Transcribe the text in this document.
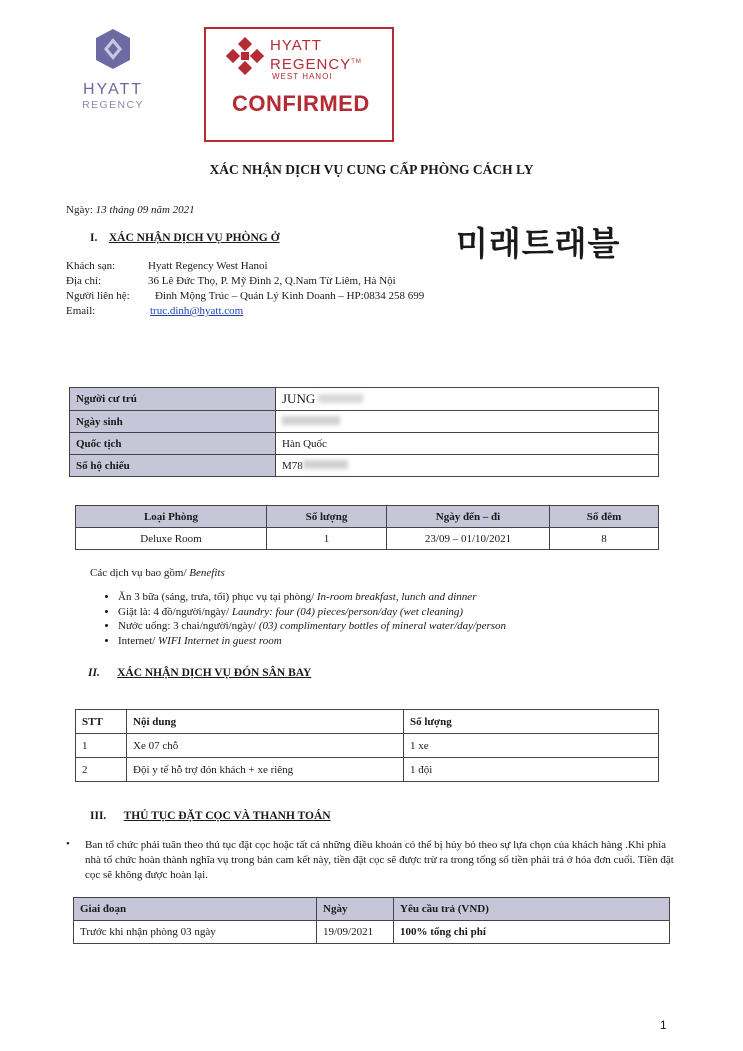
HYATT
REGENCY
HYATT
REGENCY™
WEST HANOI
CONFIRMED
XÁC NHẬN DỊCH VỤ CUNG CẤP PHÒNG CÁCH LY
Ngày: 13 tháng 09 năm 2021
I. XÁC NHẬN DỊCH VỤ PHÒNG Ở	미래트래블
Khách sạn:	Hyatt Regency West Hanoi
Địa chỉ:	36 Lê Đức Thọ, P. Mỹ Đình 2, Q.Nam Từ Liêm, Hà Nội
Người liên hệ: Đinh Mộng Trúc – Quản Lý Kinh Doanh – HP:0834 258 699
Email:	truc.dinh@hyatt.com
Người cư trú	JUNG
Ngày sinh	
Quốc tịch	Hàn Quốc
Số hộ chiếu	M78
Loại Phòng	Số lượng	Ngày đến – đi	Số đêm
Deluxe Room	1	23/09 – 01/10/2021	8
Các dịch vụ bao gồm/ Benefits
• Ăn 3 bữa (sáng, trưa, tối) phục vụ tại phòng/ In-room breakfast, lunch and dinner
• Giặt là: 4 đồ/người/ngày/ Laundry: four (04) pieces/person/day (wet cleaning)
• Nước uống: 3 chai/người/ngày/ (03) complimentary bottles of mineral water/day/person
• Internet/ WIFI Internet in guest room
II. XÁC NHẬN DỊCH VỤ ĐÓN SÂN BAY
STT	Nội dung	Số lượng
1	Xe 07 chỗ	1 xe
2	Đội y tế hỗ trợ đón khách + xe riêng	1 đội
III. THỦ TỤC ĐẶT CỌC VÀ THANH TOÁN
• Ban tổ chức phải tuân theo thủ tục đặt cọc hoặc tất cả những điều khoản có thể bị hủy bỏ theo sự lựa chọn của khách hàng .Khi phía nhà tổ chức hoàn thành nghĩa vụ trong bản cam kết này, tiền đặt cọc sẽ được trừ ra trong tổng số tiền phải trả ở hóa đơn cuối. Tiền đặt cọc sẽ không được hoàn lại.
Giai đoạn	Ngày	Yêu cầu trả (VND)
Trước khi nhận phòng 03 ngày	19/09/2021	100% tổng chi phí
1
